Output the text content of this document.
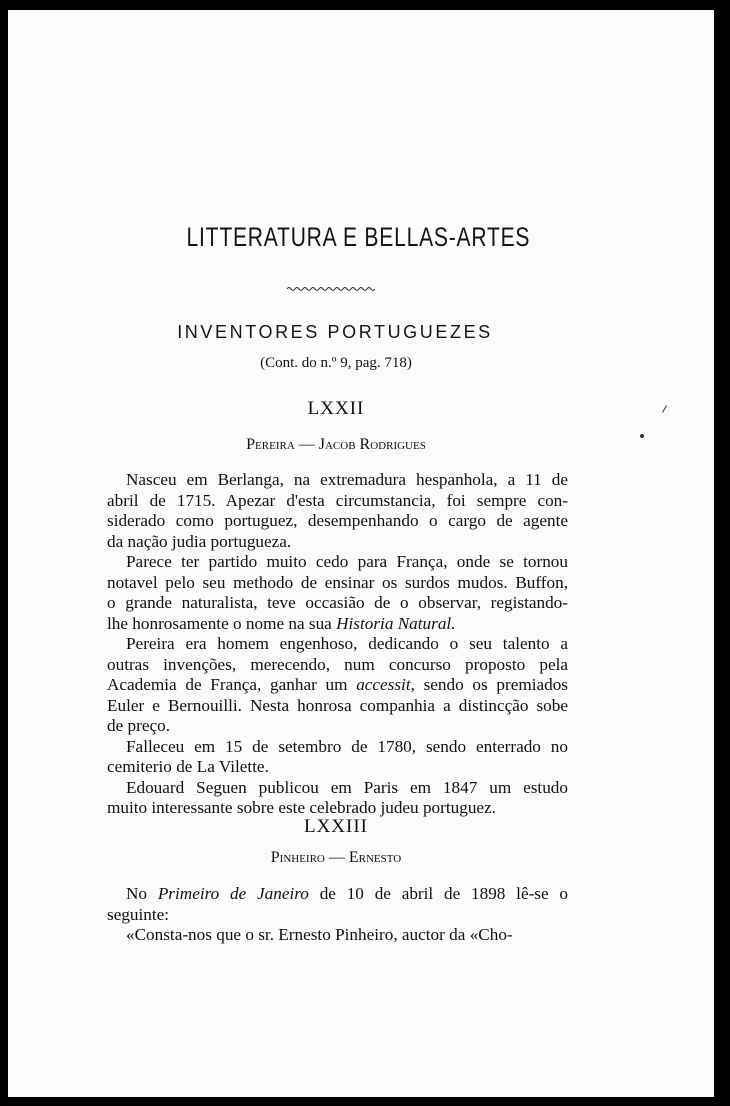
LITTERATURA E BELLAS-ARTES
INVENTORES PORTUGUEZES
(Cont. do n.º 9, pag. 718)
LXXII
Pereira — Jacob Rodrigues
Nasceu em Berlanga, na extremadura hespanhola, a 11 de
abril de 1715. Apezar d'esta circumstancia, foi sempre con-
siderado como portuguez, desempenhando o cargo de agente
da nação judia portugueza.
Parece ter partido muito cedo para França, onde se tornou
notavel pelo seu methodo de ensinar os surdos mudos. Buffon,
o grande naturalista, teve occasião de o observar, registando-
lhe honrosamente o nome na sua Historia Natural.
Pereira era homem engenhoso, dedicando o seu talento a
outras invenções, merecendo, num concurso proposto pela
Academia de França, ganhar um accessit, sendo os premiados
Euler e Bernouilli. Nesta honrosa companhia a distincção sobe
de preço.
Falleceu em 15 de setembro de 1780, sendo enterrado no
cemiterio de La Vilette.
Edouard Seguen publicou em Paris em 1847 um estudo
muito interessante sobre este celebrado judeu portuguez.
LXXIII
Pinheiro — Ernesto
No Primeiro de Janeiro de 10 de abril de 1898 lê-se o
seguinte:
«Consta-nos que o sr. Ernesto Pinheiro, auctor da «Cho-
